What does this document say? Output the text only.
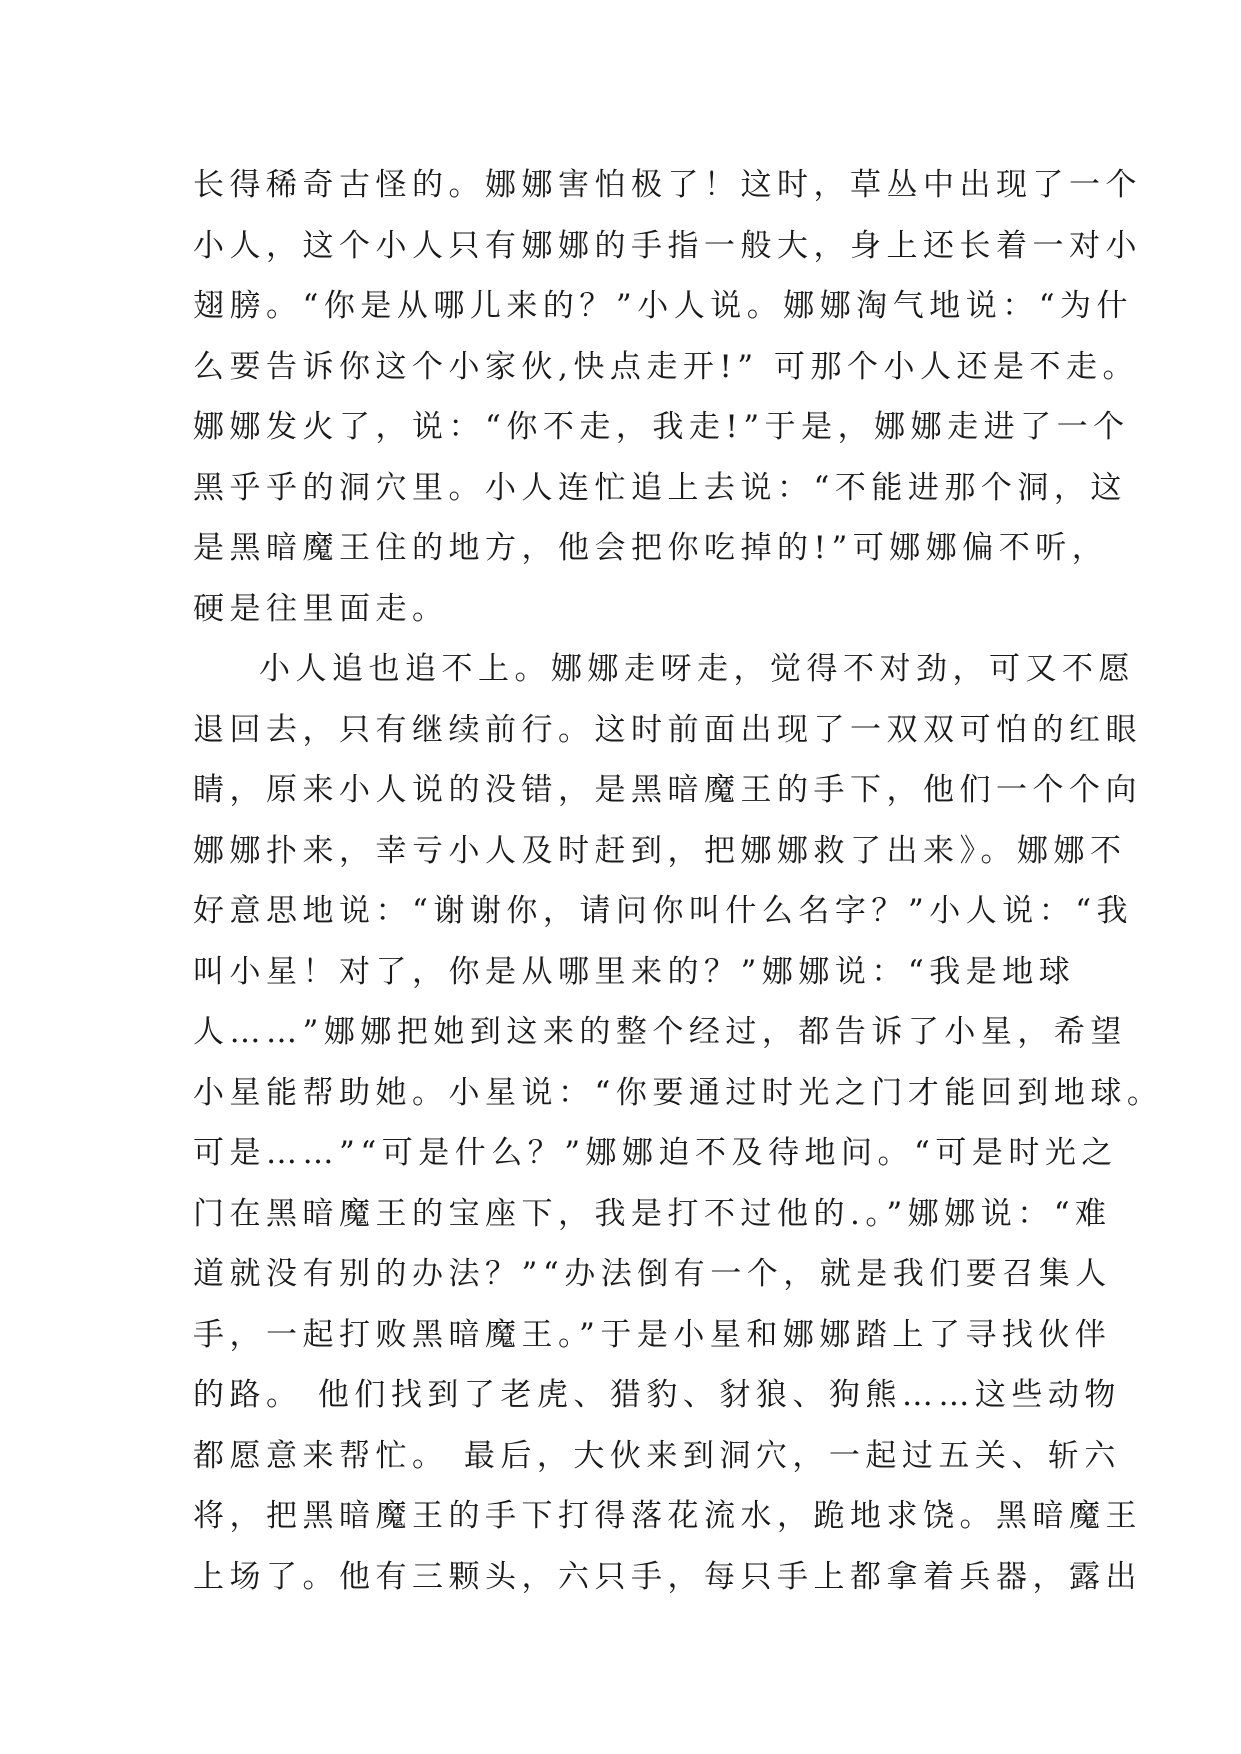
长得稀奇古怪的。娜娜害怕极了！这时，草丛中出现了一个
小人，这个小人只有娜娜的手指一般大，身上还长着一对小
翅膀。“你是从哪儿来的？”小人说。娜娜淘气地说：“为什
么要告诉你这个小家伙,快点走开!” 可那个小人还是不走。
娜娜发火了，说：“你不走，我走!”于是，娜娜走进了一个
黑乎乎的洞穴里。小人连忙追上去说：“不能进那个洞，这
是黑暗魔王住的地方，他会把你吃掉的!”可娜娜偏不听，
硬是往里面走。
小人追也追不上。娜娜走呀走，觉得不对劲，可又不愿
退回去，只有继续前行。这时前面出现了一双双可怕的红眼
睛，原来小人说的没错，是黑暗魔王的手下，他们一个个向
娜娜扑来，幸亏小人及时赶到，把娜娜救了出来》。娜娜不
好意思地说：“谢谢你，请问你叫什么名字？”小人说：“我
叫小星！对了，你是从哪里来的？”娜娜说：“我是地球
人……”娜娜把她到这来的整个经过，都告诉了小星，希望
小星能帮助她。小星说：“你要通过时光之门才能回到地球。
可是……”“可是什么？”娜娜迫不及待地问。“可是时光之
门在黑暗魔王的宝座下，我是打不过他的.。”娜娜说：“难
道就没有别的办法？”“办法倒有一个，就是我们要召集人
手，一起打败黑暗魔王。”于是小星和娜娜踏上了寻找伙伴
的路。 他们找到了老虎、猎豹、豺狼、狗熊……这些动物
都愿意来帮忙。 最后，大伙来到洞穴，一起过五关、斩六
将，把黑暗魔王的手下打得落花流水，跪地求饶。黑暗魔王
上场了。他有三颗头，六只手，每只手上都拿着兵器，露出
